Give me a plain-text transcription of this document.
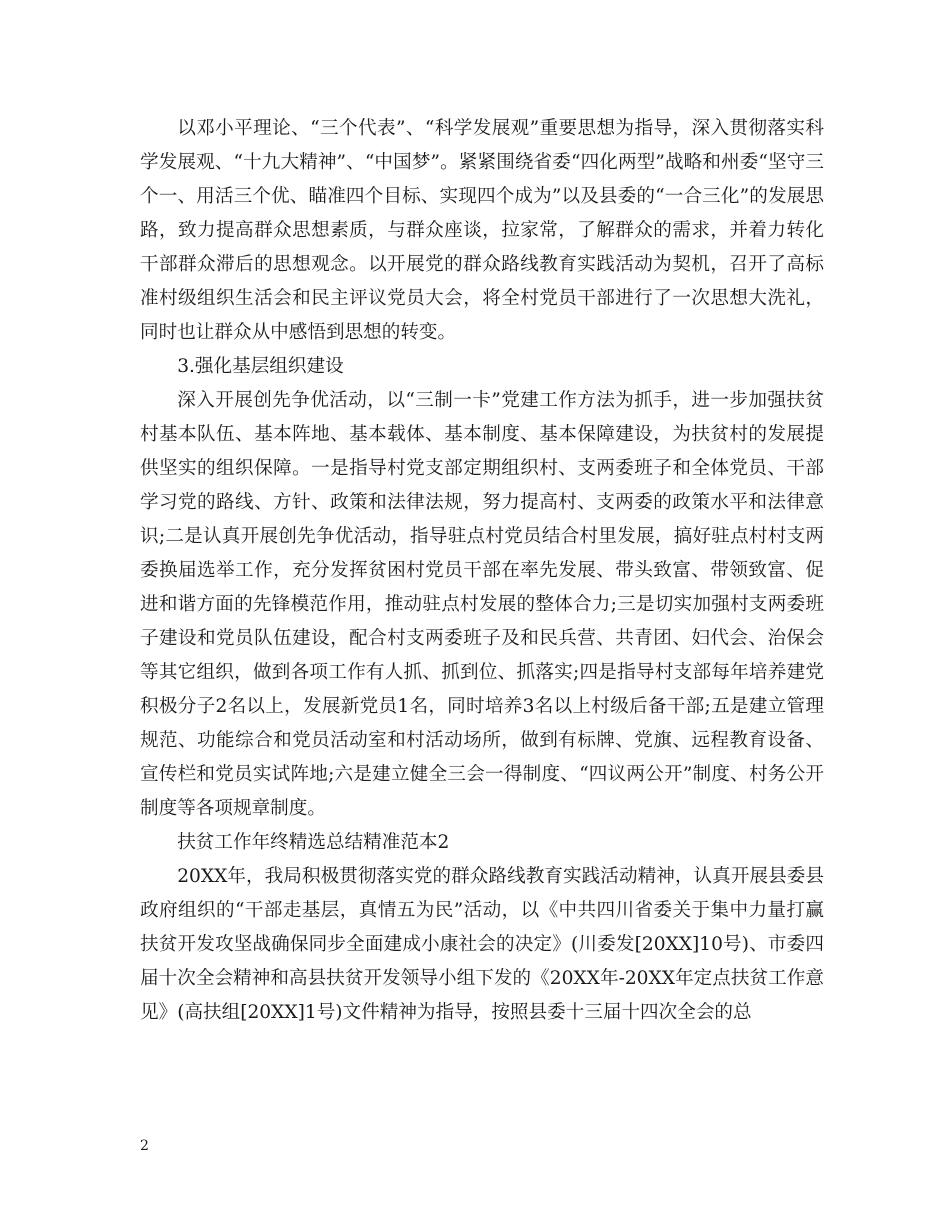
以邓小平理论、“三个代表”、“科学发展观”重要思想为指导，深入贯彻落实科学发展观、“十九大精神”、“中国梦”。紧紧围绕省委“四化两型”战略和州委“坚守三个一、用活三个优、瞄准四个目标、实现四个成为”以及县委的“一合三化”的发展思路，致力提高群众思想素质，与群众座谈，拉家常，了解群众的需求，并着力转化干部群众滞后的思想观念。以开展党的群众路线教育实践活动为契机，召开了高标准村级组织生活会和民主评议党员大会，将全村党员干部进行了一次思想大洗礼，同时也让群众从中感悟到思想的转变。

3.强化基层组织建设

深入开展创先争优活动，以“三制一卡”党建工作方法为抓手，进一步加强扶贫村基本队伍、基本阵地、基本载体、基本制度、基本保障建设，为扶贫村的发展提供坚实的组织保障。一是指导村党支部定期组织村、支两委班子和全体党员、干部学习党的路线、方针、政策和法律法规，努力提高村、支两委的政策水平和法律意识;二是认真开展创先争优活动，指导驻点村党员结合村里发展，搞好驻点村村支两委换届选举工作，充分发挥贫困村党员干部在率先发展、带头致富、带领致富、促进和谐方面的先锋模范作用，推动驻点村发展的整体合力;三是切实加强村支两委班子建设和党员队伍建设，配合村支两委班子及和民兵营、共青团、妇代会、治保会等其它组织，做到各项工作有人抓、抓到位、抓落实;四是指导村支部每年培养建党积极分子2名以上，发展新党员1名，同时培养3名以上村级后备干部;五是建立管理规范、功能综合和党员活动室和村活动场所，做到有标牌、党旗、远程教育设备、宣传栏和党员实试阵地;六是建立健全三会一得制度、“四议两公开”制度、村务公开制度等各项规章制度。

扶贫工作年终精选总结精准范本2

20XX年，我局积极贯彻落实党的群众路线教育实践活动精神，认真开展县委县政府组织的“干部走基层，真情五为民”活动，以《中共四川省委关于集中力量打赢扶贫开发攻坚战确保同步全面建成小康社会的决定》(川委发[20XX]10号)、市委四届十次全会精神和高县扶贫开发领导小组下发的《20XX年-20XX年定点扶贫工作意见》(高扶组[20XX]1号)文件精神为指导，按照县委十三届十四次全会的总

2
